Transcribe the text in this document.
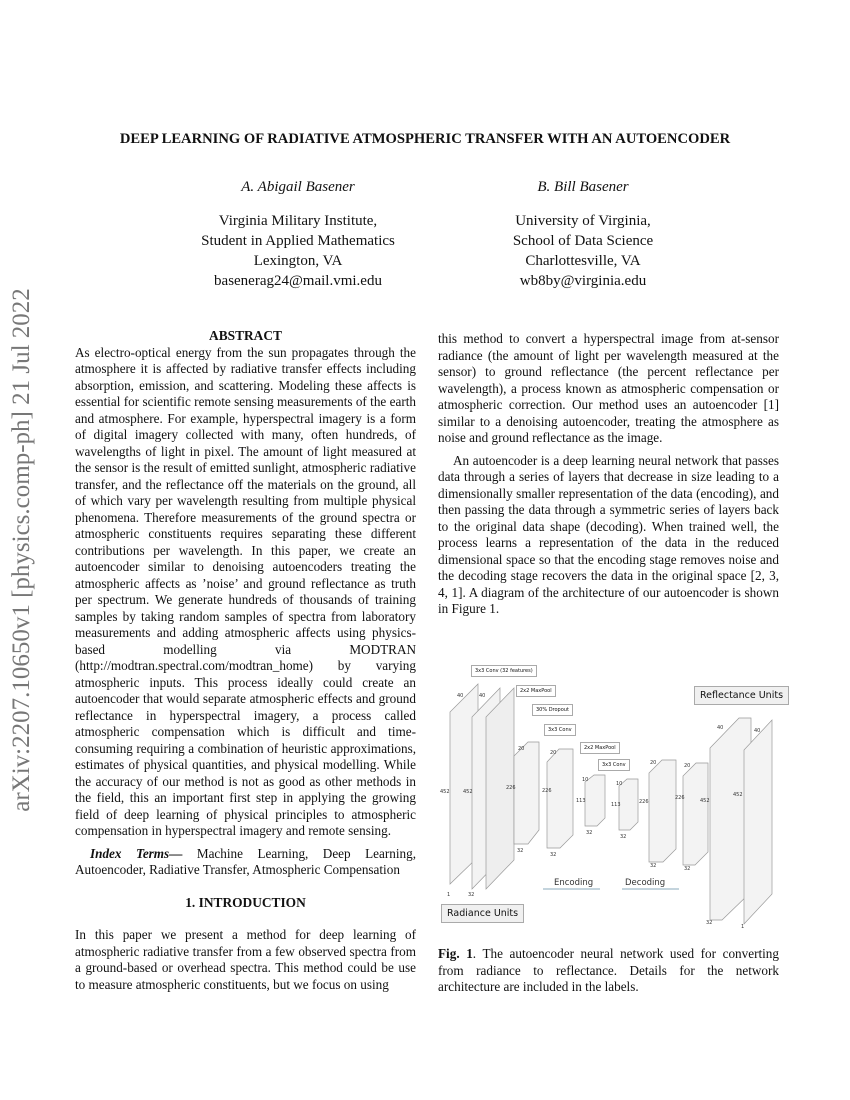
arXiv:2207.10650v1 [physics.comp-ph] 21 Jul 2022
DEEP LEARNING OF RADIATIVE ATMOSPHERIC TRANSFER WITH AN AUTOENCODER
A. Abigail Basener
Virginia Military Institute,
Student in Applied Mathematics
Lexington, VA
basenerag24@mail.vmi.edu
B. Bill Basener
University of Virginia,
School of Data Science
Charlottesville, VA
wb8by@virginia.edu

ABSTRACT

As electro-optical energy from the sun propagates through the atmosphere it is affected by radiative transfer effects including absorption, emission, and scattering. Modeling these affects is essential for scientific remote sensing measurements of the earth and atmosphere. For example, hyperspectral imagery is a form of digital imagery collected with many, often hundreds, of wavelengths of light in pixel. The amount of light measured at the sensor is the result of emitted sunlight, atmospheric radiative transfer, and the reflectance off the materials on the ground, all of which vary per wavelength resulting from multiple physical phenomena. Therefore measurements of the ground spectra or atmospheric constituents requires separating these different contributions per wavelength. In this paper, we create an autoencoder similar to denoising autoencoders treating the atmospheric affects as ’noise’ and ground reflectance as truth per spectrum. We generate hundreds of thousands of training samples by taking random samples of spectra from laboratory measurements and adding atmospheric affects using physics-based modelling via MODTRAN (http://modtran.spectral.com/modtran_home) by varying atmospheric inputs. This process ideally could create an autoencoder that would separate atmospheric effects and ground reflectance in hyperspectral imagery, a process called atmospheric compensation which is difficult and time-consuming requiring a combination of heuristic approximations, estimates of physical quantities, and physical modelling. While the accuracy of our method is not as good as other methods in the field, this an important first step in applying the growing field of deep learning of physical principles to atmospheric compensation in hyperspectral imagery and remote sensing.

Index Terms— Machine Learning, Deep Learning, Autoencoder, Radiative Transfer, Atmospheric Compensation

1. INTRODUCTION

In this paper we present a method for deep learning of atmospheric radiative transfer from a few observed spectra from a ground-based or overhead spectra. This method could be use to measure atmospheric constituents, but we focus on using

this method to convert a hyperspectral image from at-sensor radiance (the amount of light per wavelength measured at the sensor) to ground reflectance (the percent reflectance per wavelength), a process known as atmospheric compensation or atmospheric correction. Our method uses an autoencoder [1] similar to a denoising autoencoder, treating the atmosphere as noise and ground reflectance as the image.

An autoencoder is a deep learning neural network that passes data through a series of layers that decrease in size leading to a dimensionally smaller representation of the data (encoding), and then passing the data through a symmetric series of layers back to the original data shape (decoding). When trained well, the process learns a representation of the data in the reduced dimensional space so that the encoding stage removes noise and the decoding stage recovers the data in the original space [2, 3, 4, 1]. A diagram of the architecture of our autoencoder is shown in Figure 1.

3x3 Conv (32 features)
2x2 MaxPool
30% Dropout
3x3 Conv
2x2 MaxPool
3x3 Conv
Reflectance Units
Radiance Units
Encoding	Decoding
40	40
452	452
1	32
20
226
32
20
226
32
10
113
32
10
113
32
20
226
32
20
226
32
40
452
32
40
452
1

Fig. 1. The autoencoder neural network used for converting from radiance to reflectance. Details for the network architecture are included in the labels.
